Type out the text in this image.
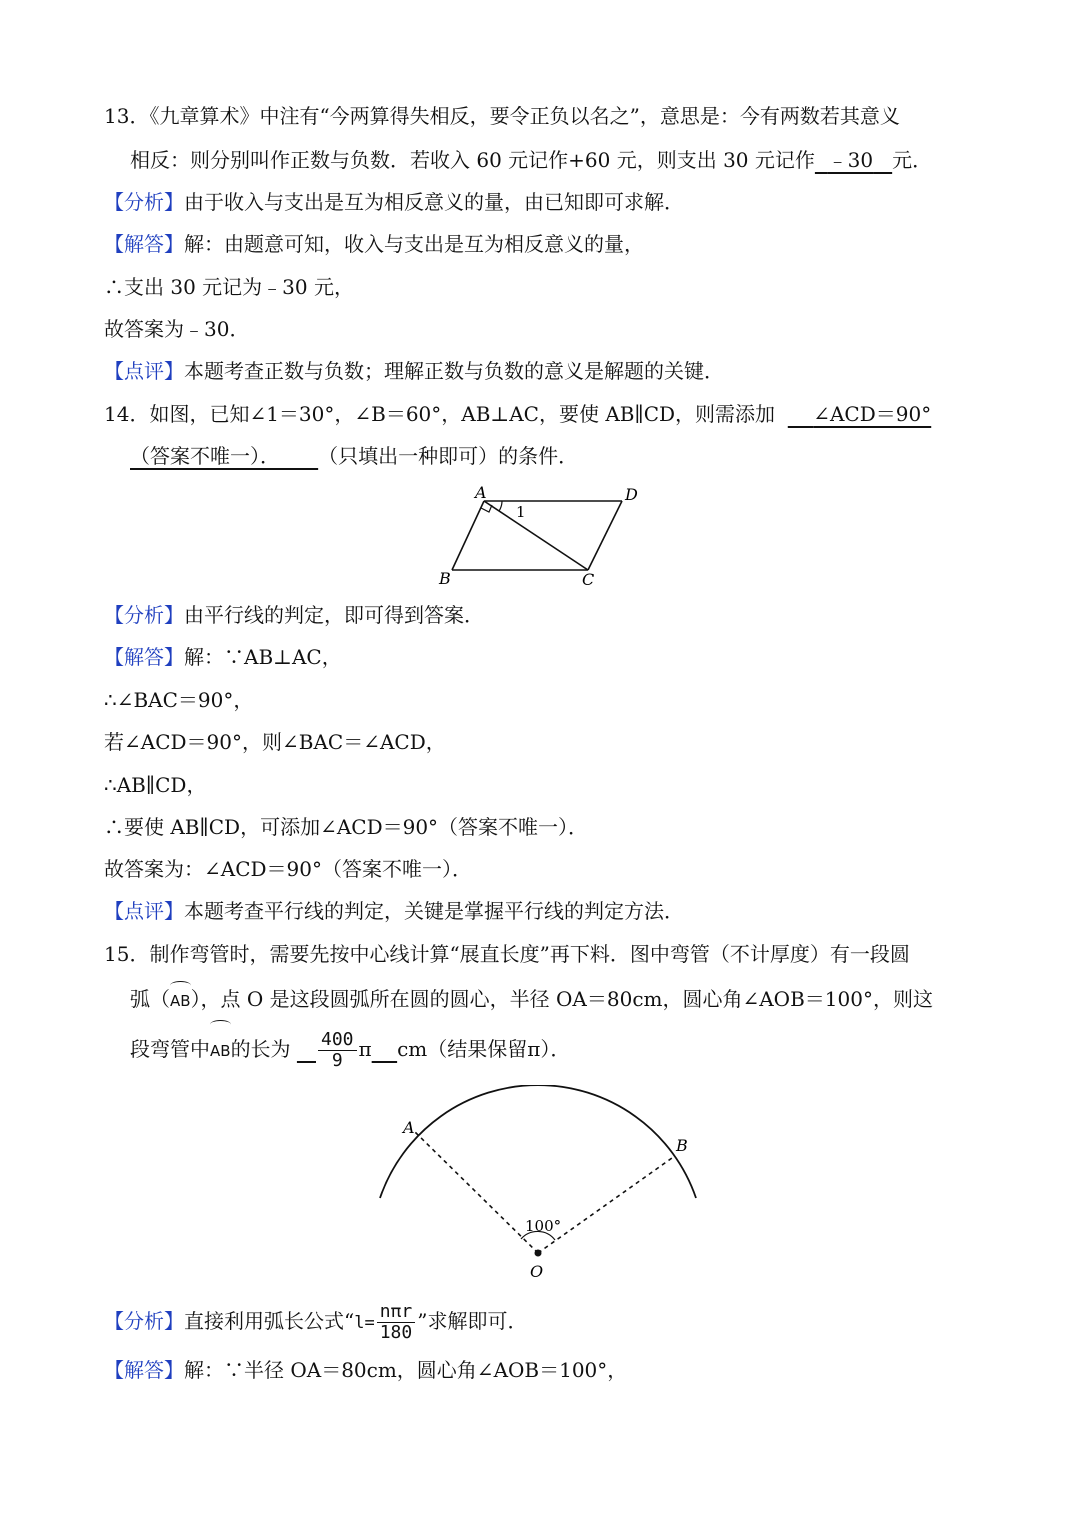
13．《九章算术》中注有“今两算得失相反，要令正负以名之”，意思是：今有两数若其意义
相反：则分别叫作正数与负数．若收入 60 元记作+60 元，则支出 30 元记作 ﹣30 元．
【分析】由于收入与支出是互为相反意义的量，由已知即可求解．
【解答】解：由题意可知，收入与支出是互为相反意义的量，
∴支出 30 元记为﹣30 元，
故答案为﹣30．
【点评】本题考查正数与负数；理解正数与负数的意义是解题的关键．
14．如图，已知∠1＝30°，∠B＝60°，AB⊥AC，要使 AB∥CD，则需添加 ∠ACD＝90°
（答案不唯一）． （只填出一种即可）的条件．
A	D
B	C
1
【分析】由平行线的判定，即可得到答案．
【解答】解：∵AB⊥AC，
∴∠BAC＝90°，
若∠ACD＝90°，则∠BAC＝∠ACD，
∴AB∥CD，
∴要使 AB∥CD，可添加∠ACD＝90°（答案不唯一）．
故答案为：∠ACD＝90°（答案不唯一）．
【点评】本题考查平行线的判定，关键是掌握平行线的判定方法．
15．制作弯管时，需要先按中心线计算“展直长度”再下料．图中弯管（不计厚度）有一段圆
弧（AB），点 O 是这段圆弧所在圆的圆心，半径 OA＝80cm，圆心角∠AOB＝100°，则这
段弯管中AB的长为 $\frac{400}{9}$ π cm（结果保留π）．
A
B
O
100°
【分析】直接利用弧长公式“$l= \frac{\text{nπr}}{180}$ ”求解即可．
【解答】解：∵半径 OA＝80cm，圆心角∠AOB＝100°，
